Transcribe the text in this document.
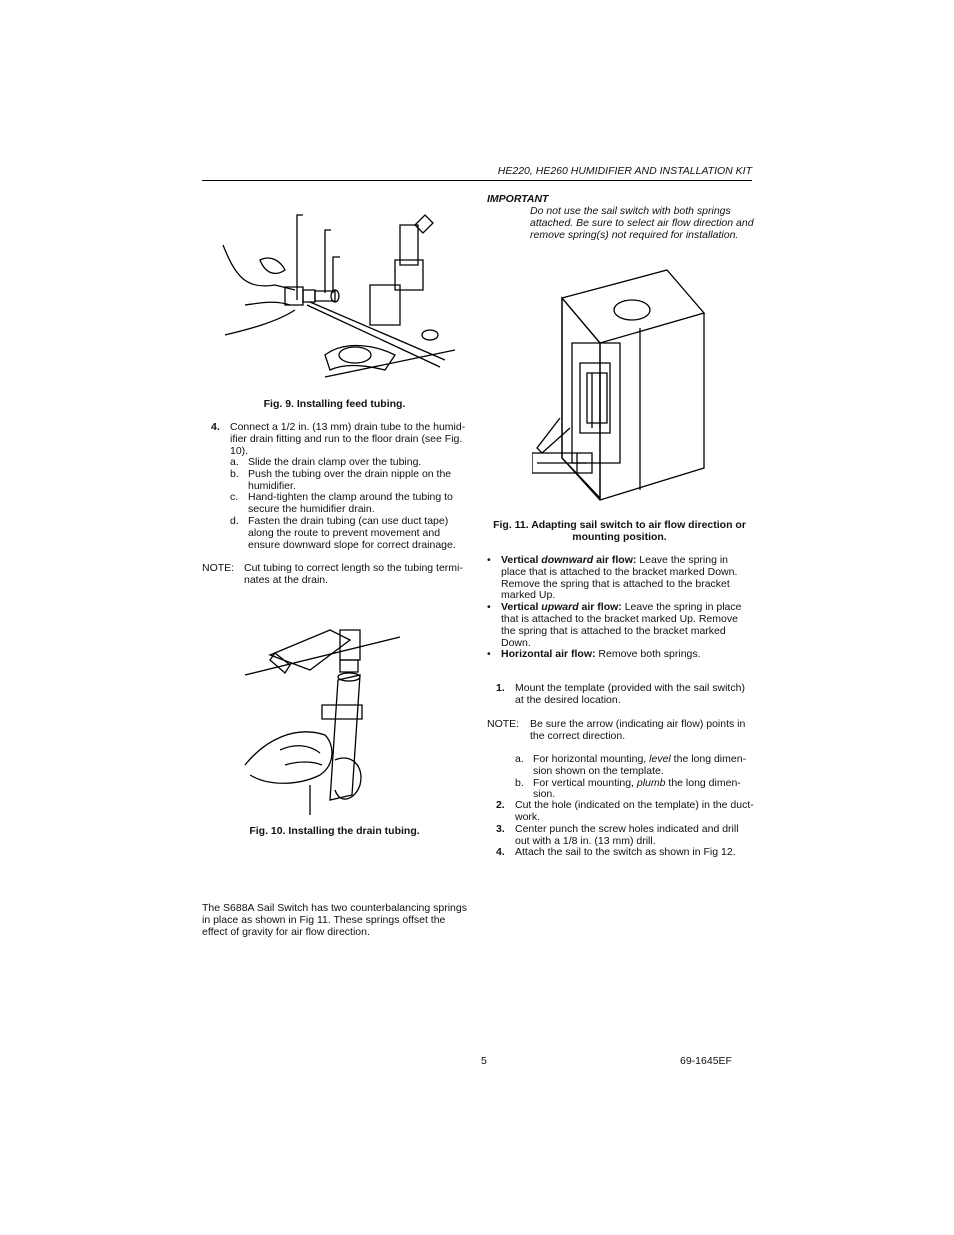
HE220, HE260 HUMIDIFIER AND INSTALLATION KIT
Fig. 9. Installing feed tubing.
4. Connect a 1/2 in. (13 mm) drain tube to the humid-
ifier drain fitting and run to the floor drain (see Fig.
10).
a. Slide the drain clamp over the tubing.
b. Push the tubing over the drain nipple on the
humidifier.
c. Hand-tighten the clamp around the tubing to
secure the humidifier drain.
d. Fasten the drain tubing (can use duct tape)
along the route to prevent movement and
ensure downward slope for correct drainage.
NOTE: Cut tubing to correct length so the tubing termi-
nates at the drain.
Fig. 10. Installing the drain tubing.
The S688A Sail Switch has two counterbalancing springs
in place as shown in Fig 11. These springs offset the
effect of gravity for air flow direction.
IMPORTANT
Do not use the sail switch with both springs
attached. Be sure to select air flow direction and
remove spring(s) not required for installation.
Fig. 11. Adapting sail switch to air flow direction or
mounting position.
• Vertical downward air flow: Leave the spring in
place that is attached to the bracket marked Down.
Remove the spring that is attached to the bracket
marked Up.
• Vertical upward air flow: Leave the spring in place
that is attached to the bracket marked Up. Remove
the spring that is attached to the bracket marked
Down.
• Horizontal air flow: Remove both springs.
1. Mount the template (provided with the sail switch)
at the desired location.
NOTE: Be sure the arrow (indicating air flow) points in
the correct direction.
a. For horizontal mounting, level the long dimen-
sion shown on the template.
b. For vertical mounting, plumb the long dimen-
sion.
2. Cut the hole (indicated on the template) in the duct-
work.
3. Center punch the screw holes indicated and drill
out with a 1/8 in. (13 mm) drill.
4. Attach the sail to the switch as shown in Fig 12.
5	69-1645EF
